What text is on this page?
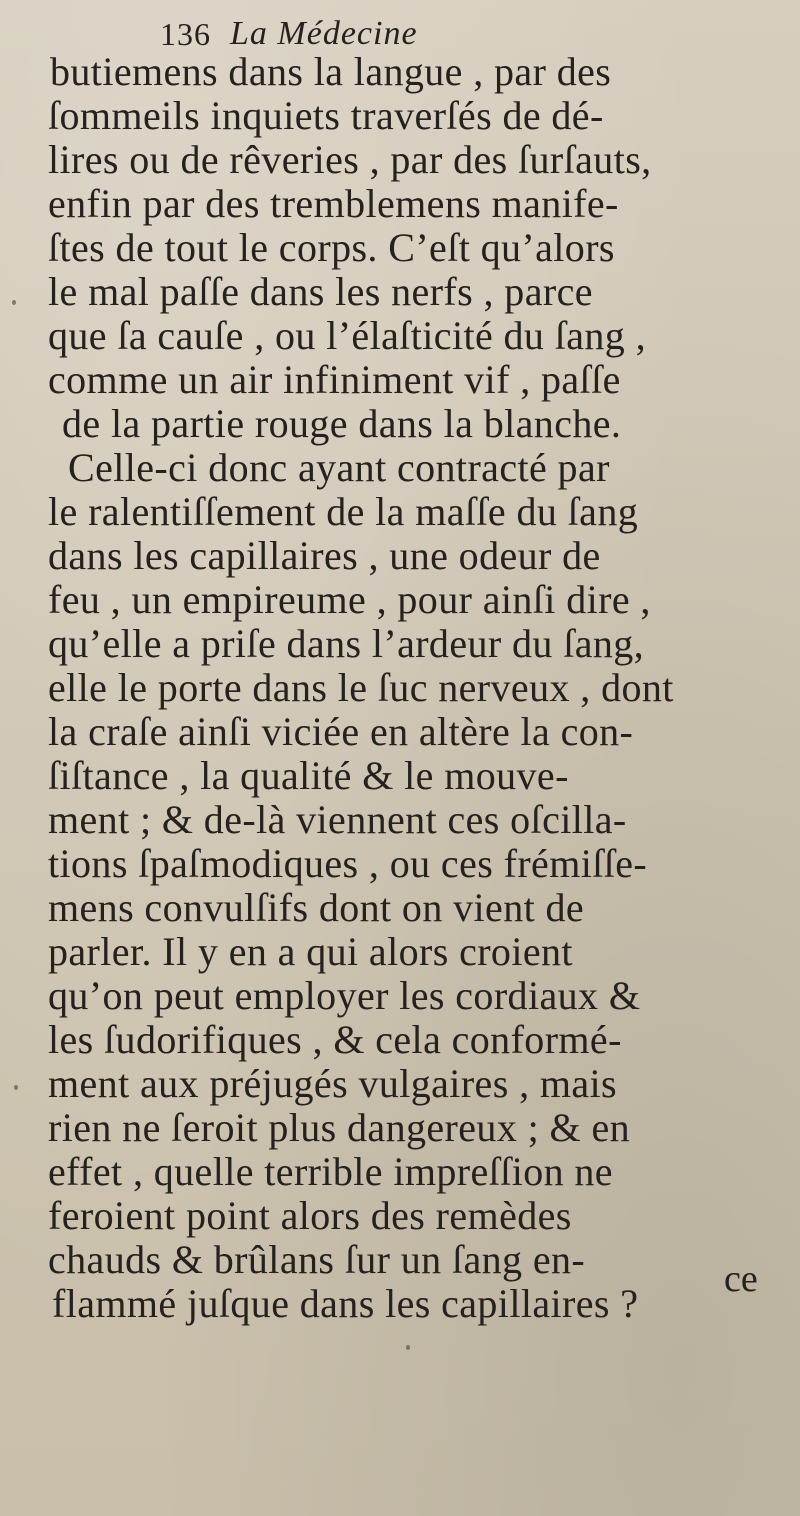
136 La Médecine
butiemens dans la langue , par des
ſommeils inquiets traverſés de dé-
lires ou de rêveries , par des ſurſauts,
enfin par des tremblemens manife-
ſtes de tout le corps. C’eſt qu’alors
le mal paſſe dans les nerfs , parce
que ſa cauſe , ou l’élaſticité du ſang ,
comme un air infiniment vif , paſſe
de la partie rouge dans la blanche.
Celle-ci donc ayant contracté par
le ralentiſſement de la maſſe du ſang
dans les capillaires , une odeur de
feu , un empireume , pour ainſi dire ,
qu’elle a priſe dans l’ardeur du ſang,
elle le porte dans le ſuc nerveux , dont
la craſe ainſi viciée en altère la con-
ſiſtance , la qualité & le mouve-
ment ; & de-là viennent ces oſcilla-
tions ſpaſmodiques , ou ces frémiſſe-
mens convulſifs dont on vient de
parler. Il y en a qui alors croient
qu’on peut employer les cordiaux &
les ſudorifiques , & cela conformé-
ment aux préjugés vulgaires , mais
rien ne ſeroit plus dangereux ; & en
effet , quelle terrible impreſſion ne
feroient point alors des remèdes
chauds & brûlans ſur un ſang en-
flammé juſque dans les capillaires ?
ce
